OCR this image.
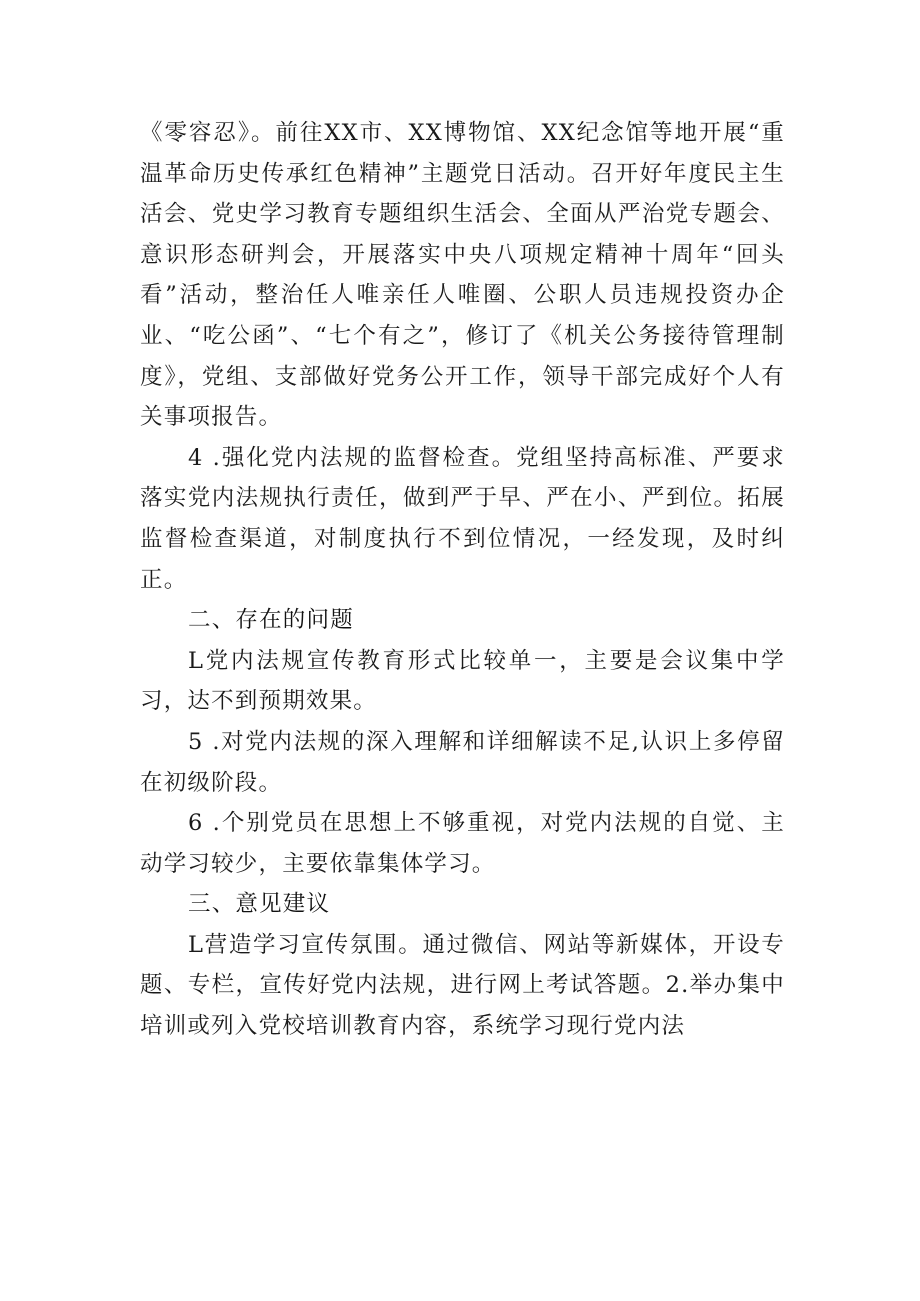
《零容忍》。前往XX市、XX博物馆、XX纪念馆等地开展“重温革命历史传承红色精神”主题党日活动。召开好年度民主生活会、党史学习教育专题组织生活会、全面从严治党专题会、意识形态研判会，开展落实中央八项规定精神十周年“回头看”活动，整治任人唯亲任人唯圈、公职人员违规投资办企业、“吃公函”、“七个有之”，修订了《机关公务接待管理制度》，党组、支部做好党务公开工作，领导干部完成好个人有关事项报告。

4 .强化党内法规的监督检查。党组坚持高标准、严要求落实党内法规执行责任，做到严于早、严在小、严到位。拓展监督检查渠道，对制度执行不到位情况，一经发现，及时纠正。

二、存在的问题

L党内法规宣传教育形式比较单一，主要是会议集中学习，达不到预期效果。

5 .对党内法规的深入理解和详细解读不足,认识上多停留在初级阶段。

6 .个别党员在思想上不够重视，对党内法规的自觉、主动学习较少，主要依靠集体学习。

三、意见建议

L营造学习宣传氛围。通过微信、网站等新媒体，开设专题、专栏，宣传好党内法规，进行网上考试答题。2.举办集中培训或列入党校培训教育内容，系统学习现行党内法
